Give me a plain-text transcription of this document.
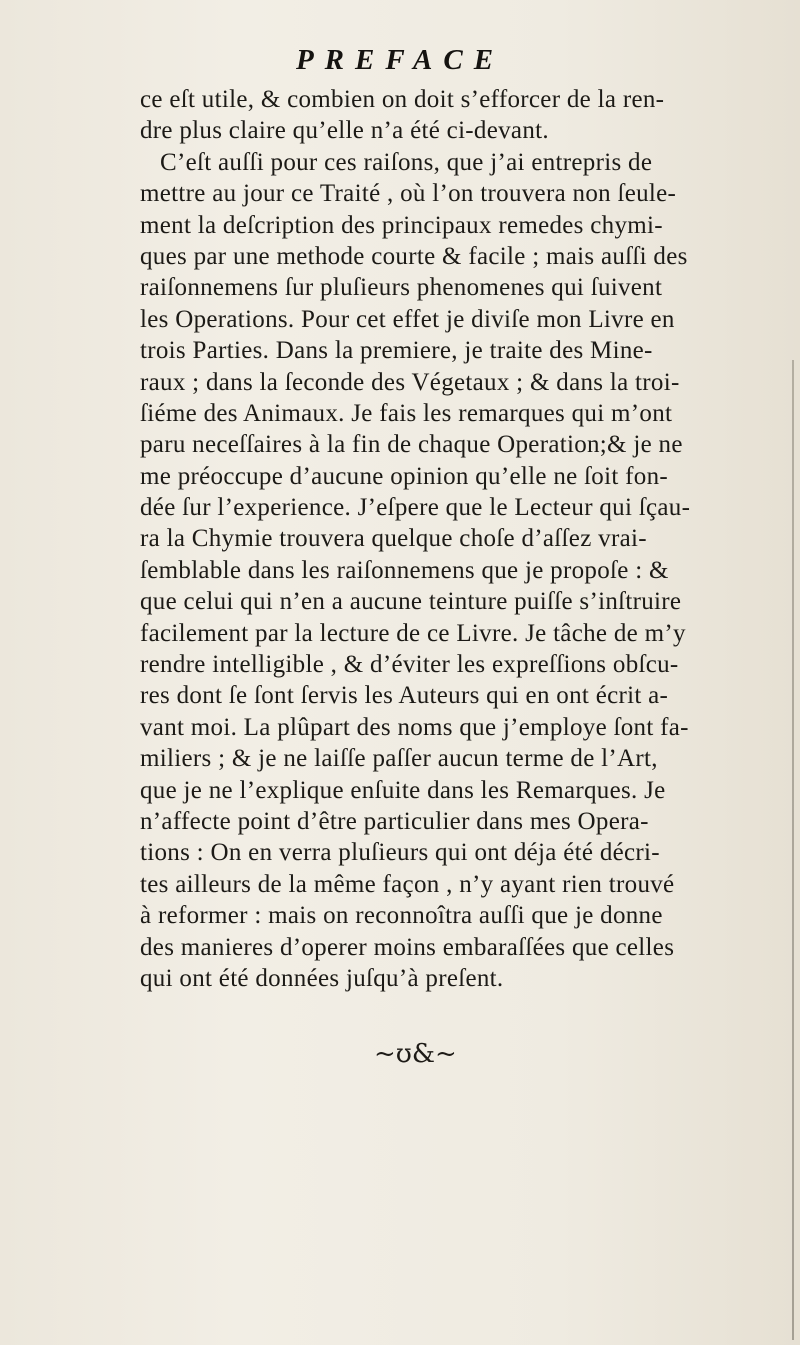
PREFACE
ce eſt utile, & combien on doit s’efforcer de la ren-
dre plus claire qu’elle n’a été ci-devant.
C’eſt auſſi pour ces raiſons, que j’ai entrepris de
mettre au jour ce Traité , où l’on trouvera non ſeule-
ment la deſcription des principaux remedes chymi-
ques par une methode courte & facile ; mais auſſi des
raiſonnemens ſur pluſieurs phenomenes qui ſuivent
les Operations. Pour cet effet je diviſe mon Livre en
trois Parties. Dans la premiere, je traite des Mine-
raux ; dans la ſeconde des Végetaux ; & dans la troi-
ſiéme des Animaux. Je fais les remarques qui m’ont
paru neceſſaires à la fin de chaque Operation;& je ne
me préoccupe d’aucune opinion qu’elle ne ſoit fon-
dée ſur l’experience. J’eſpere que le Lecteur qui ſçau-
ra la Chymie trouvera quelque choſe d’aſſez vrai-
ſemblable dans les raiſonnemens que je propoſe : &
que celui qui n’en a aucune teinture puiſſe s’inſtruire
facilement par la lecture de ce Livre. Je tâche de m’y
rendre intelligible , & d’éviter les expreſſions obſcu-
res dont ſe ſont ſervis les Auteurs qui en ont écrit a-
vant moi. La plûpart des noms que j’employe ſont fa-
miliers ; & je ne laiſſe paſſer aucun terme de l’Art,
que je ne l’explique enſuite dans les Remarques. Je
n’affecte point d’être particulier dans mes Opera-
tions : On en verra pluſieurs qui ont déja été décri-
tes ailleurs de la même façon , n’y ayant rien trouvé
à reformer : mais on reconnoîtra auſſi que je donne
des manieres d’operer moins embaraſſées que celles
qui ont été données juſqu’à preſent.
~ʊ&~
